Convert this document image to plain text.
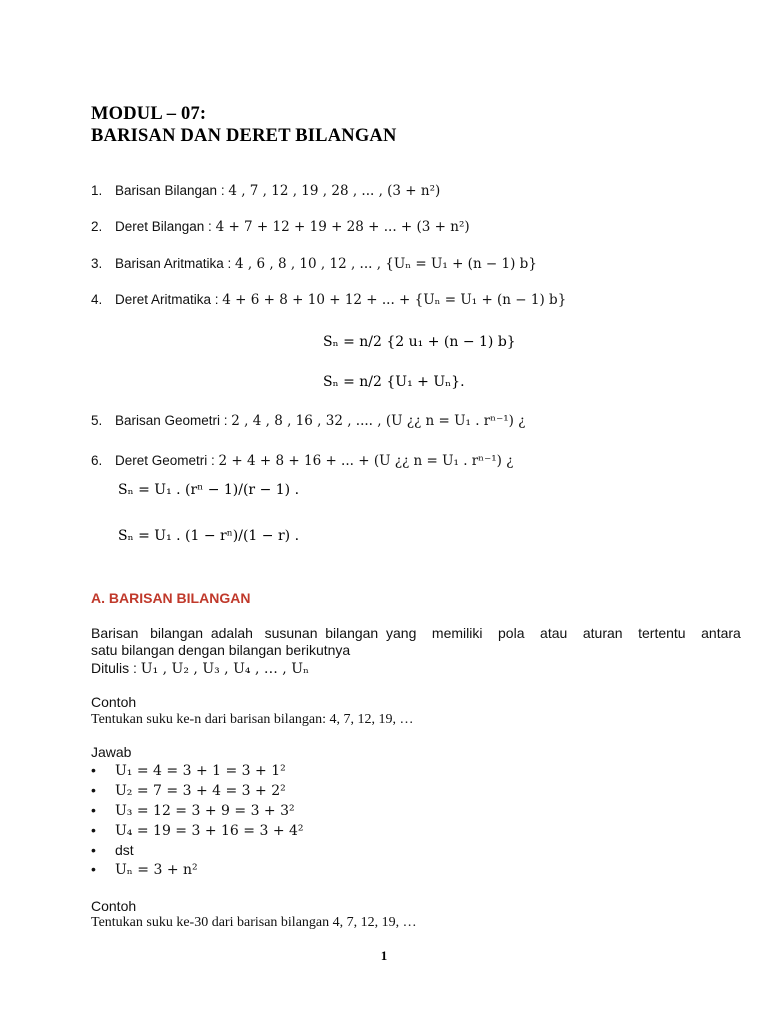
MODUL – 07:
BARISAN DAN DERET BILANGAN
1. Barisan Bilangan : 4 , 7 , 12 , 19 , 28 , ... , (3 + n²)
2. Deret Bilangan : 4 + 7 + 12 + 19 + 28 + ... + (3 + n²)
3. Barisan Aritmatika : 4 , 6 , 8 , 10 , 12 , ... , {Uₙ = U₁ + (n − 1) b}
4. Deret Aritmatika : 4 + 6 + 8 + 10 + 12 + ... + {Uₙ = U₁ + (n − 1) b}
Sₙ = n/2 {2 u₁ + (n − 1) b}
Sₙ = n/2 {U₁ + Uₙ}.
5. Barisan Geometri : 2 , 4 , 8 , 16 , 32 , .... , (U ¿¿ n = U₁ . rⁿ⁻¹) ¿
6. Deret Geometri : 2 + 4 + 8 + 16 + ... + (U ¿¿ n = U₁ . rⁿ⁻¹) ¿
Sₙ = U₁ . (rⁿ − 1)/(r − 1) .
Sₙ = U₁ . (1 − rⁿ)/(1 − r) .
A. BARISAN BILANGAN
Barisan   bilangan  adalah   susunan  bilangan  yang    memiliki    pola    atau    aturan    tertentu    antara
satu bilangan dengan bilangan berikutnya
Ditulis : U₁ , U₂ , U₃ , U₄ , … , Uₙ
Contoh
Tentukan suku ke-n dari barisan bilangan: 4, 7, 12, 19, …
Jawab
• U₁ = 4 = 3 + 1 = 3 + 1²
• U₂ = 7 = 3 + 4 = 3 + 2²
• U₃ = 12 = 3 + 9 = 3 + 3²
• U₄ = 19 = 3 + 16 = 3 + 4²
• dst
• Uₙ = 3 + n²
Contoh
Tentukan suku ke-30 dari barisan bilangan 4, 7, 12, 19, …
1
